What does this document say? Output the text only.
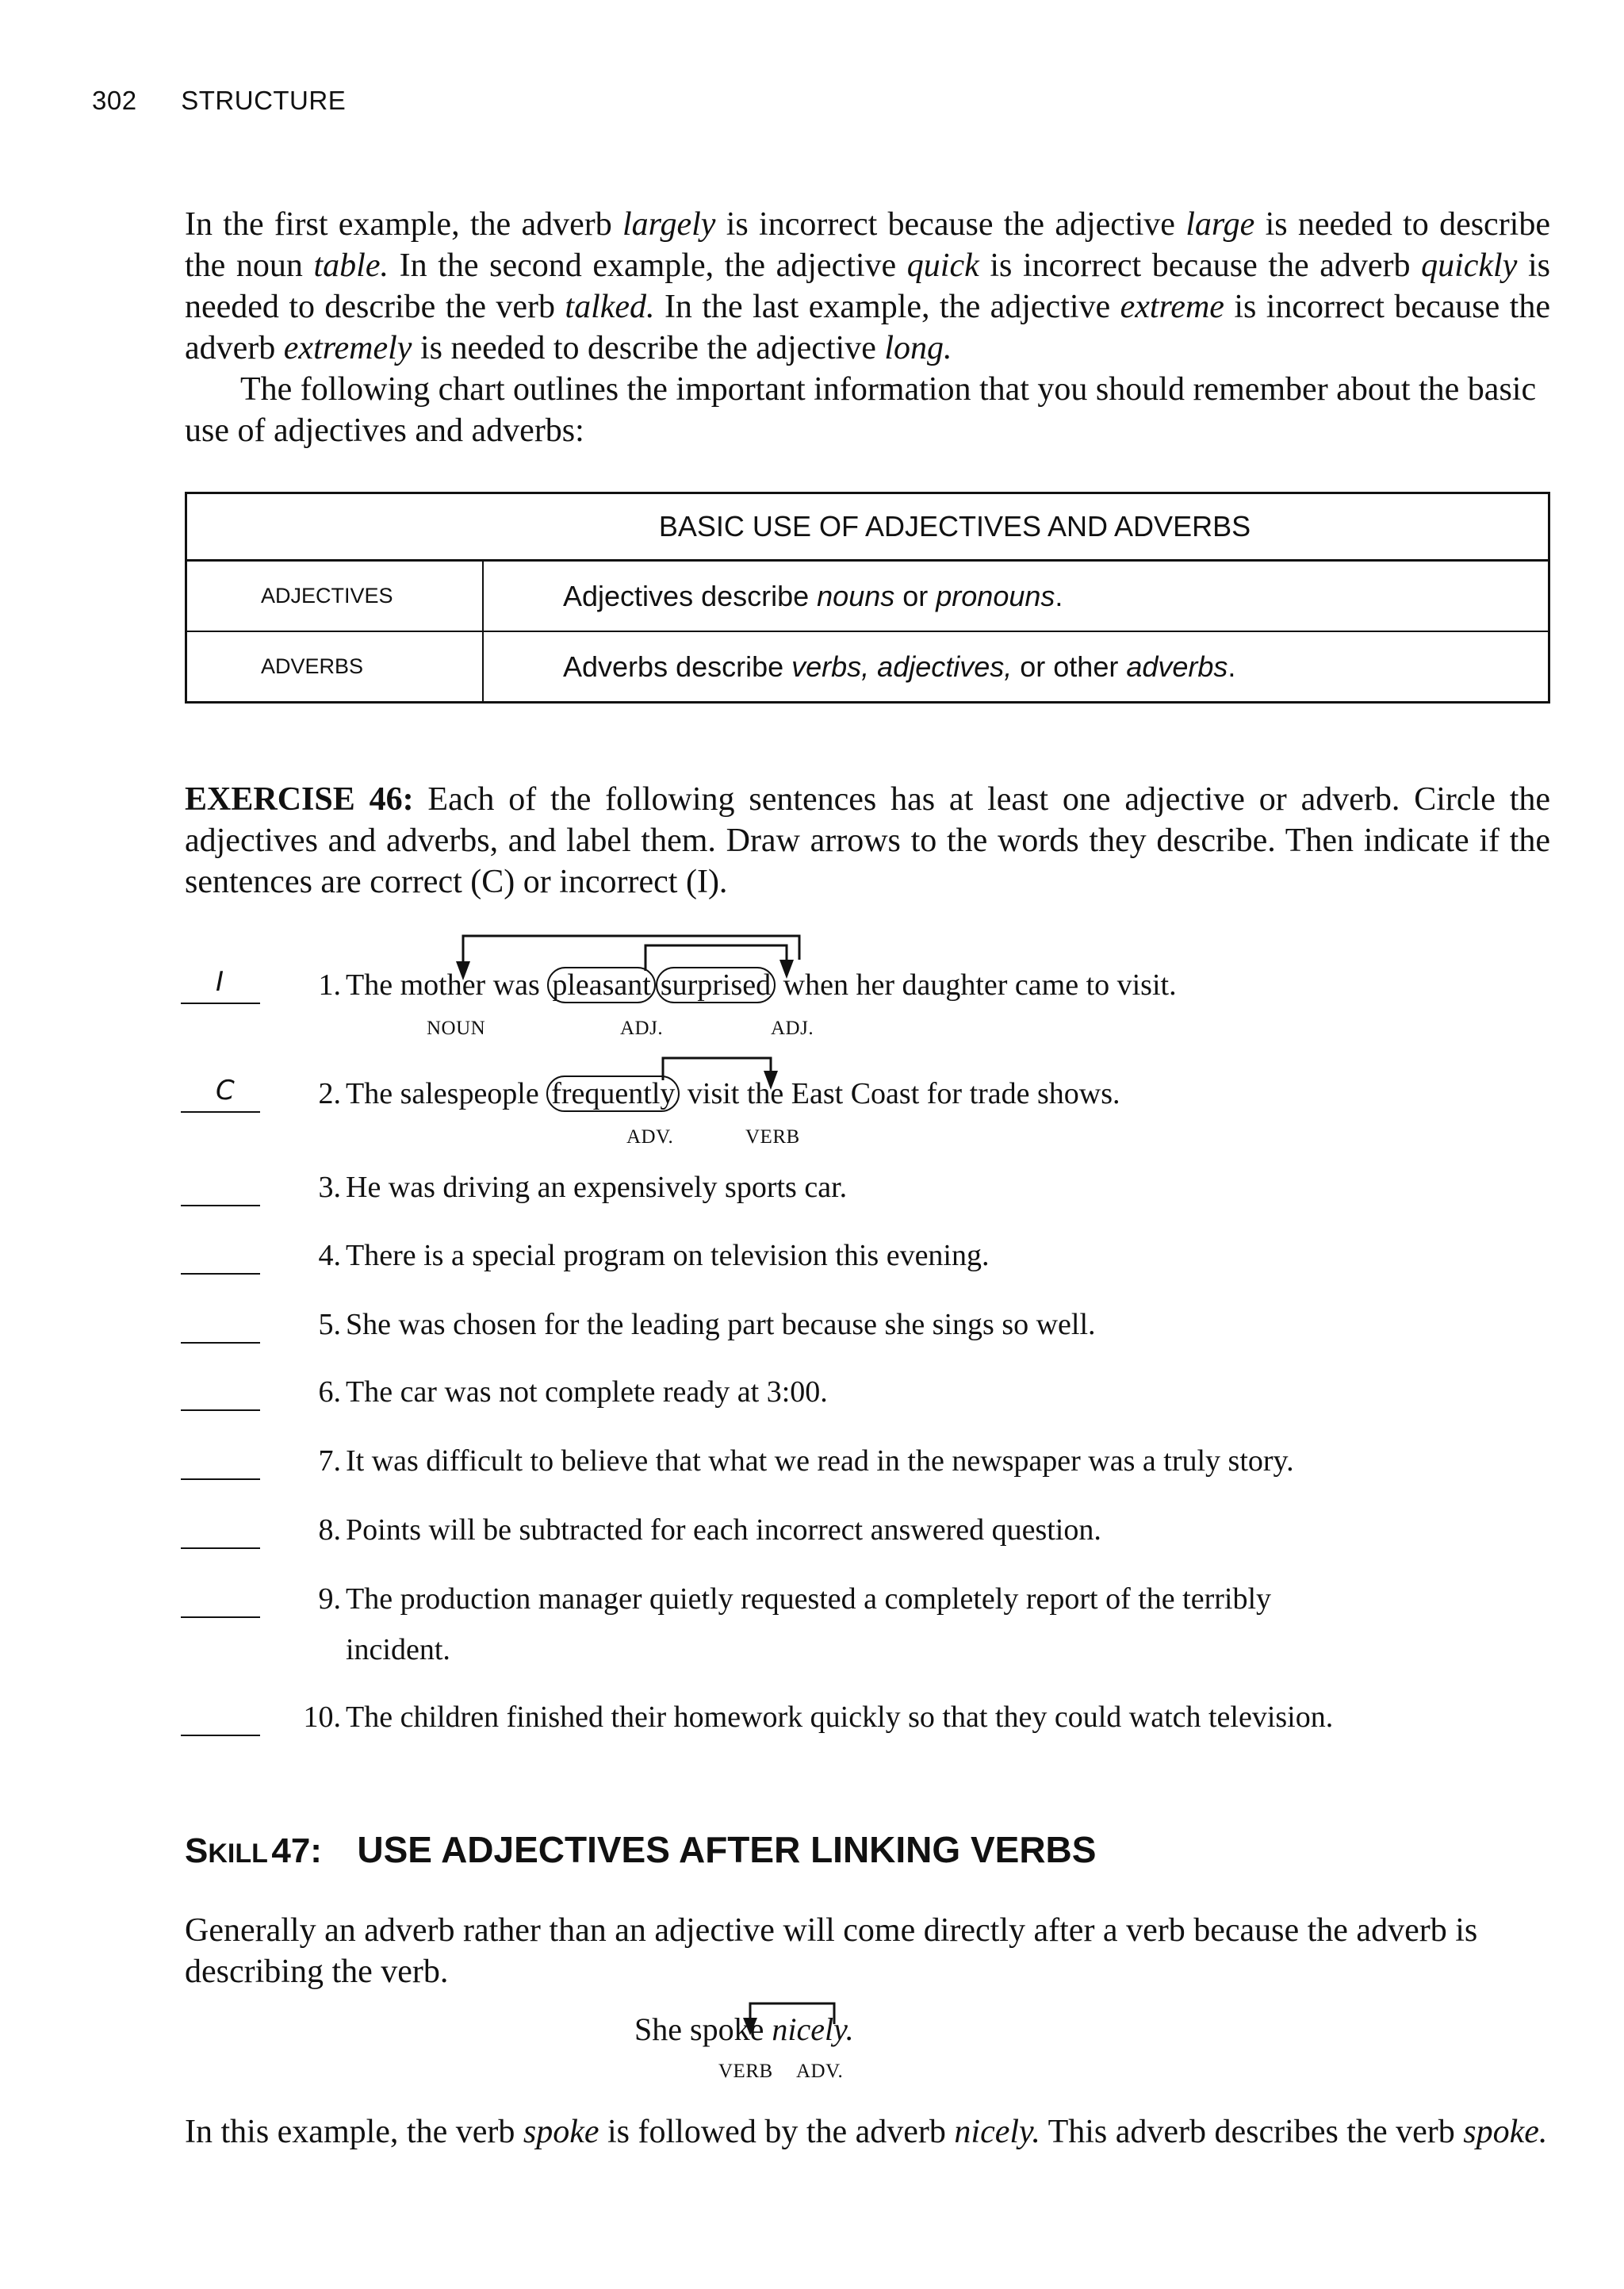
302 STRUCTURE

In the first example, the adverb largely is incorrect because the adjective large is needed to describe the noun table. In the second example, the adjective quick is incorrect because the adverb quickly is needed to describe the verb talked. In the last example, the adjective extreme is incorrect because the adverb extremely is needed to describe the adjective long.

The following chart outlines the important information that you should remember about the basic use of adjectives and adverbs:

BASIC USE OF ADJECTIVES AND ADVERBS
ADJECTIVES	Adjectives describe nouns or pronouns.
ADVERBS	Adverbs describe verbs, adjectives, or other adverbs.
EXERCISE 46: Each of the following sentences has at least one adjective or adverb. Circle the adjectives and adverbs, and label them. Draw arrows to the words they describe. Then indicate if the sentences are correct (C) or incorrect (I).
I	1. The mother was pleasant surprised when her daughter came to visit.
NOUN	ADJ.	ADJ.
C	2. The salespeople frequently visit the East Coast for trade shows.
ADV.	VERB
3. He was driving an expensively sports car.
4. There is a special program on television this evening.
5. She was chosen for the leading part because she sings so well.
6. The car was not complete ready at 3:00.
7. It was difficult to believe that what we read in the newspaper was a truly story.
8. Points will be subtracted for each incorrect answered question.
9. The production manager quietly requested a completely report of the terribly
incident.
10. The children finished their homework quickly so that they could watch television.
SKILL 47: USE ADJECTIVES AFTER LINKING VERBS

Generally an adverb rather than an adjective will come directly after a verb because the adverb is describing the verb.

She spoke nicely.
VERB ADV.

In this example, the verb spoke is followed by the adverb nicely. This adverb describes the verb spoke.
